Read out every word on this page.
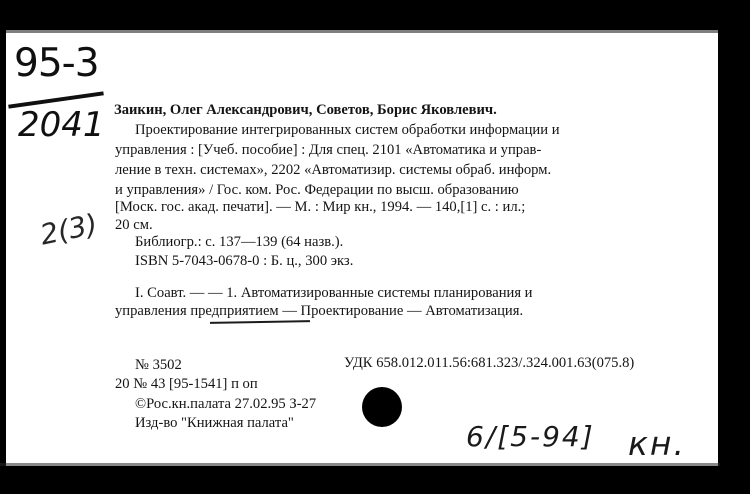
95-3
2041
2(3)
Заикин, Олег Александрович, Советов, Борис Яковлевич.
Проектирование интегрированных систем обработки информации и
управления : [Учеб. пособие] : Для спец. 2101 «Автоматика и управ-
ление в техн. системах», 2202 «Автоматизир. системы обраб. информ.
и управления» / Гос. ком. Рос. Федерации по высш. образованию
[Моск. гос. акад. печати]. — М. : Мир кн., 1994. — 140,[1] с. : ил.;
20 см.
Библиогр.: с. 137—139 (64 назв.).
ISBN 5-7043-0678-0 : Б. ц., 300 экз.
I. Соавт. — — 1. Автоматизированные системы планирования и
управления предприятием — Проектирование — Автоматизация.
№ 3502	УДК 658.012.011.56:681.323/.324.001.63(075.8)
20 № 43 [95-1541] п оп
©Рос.кн.палата 27.02.95 З-27
Изд-во "Книжная палата"	6/[5-94] кн.
